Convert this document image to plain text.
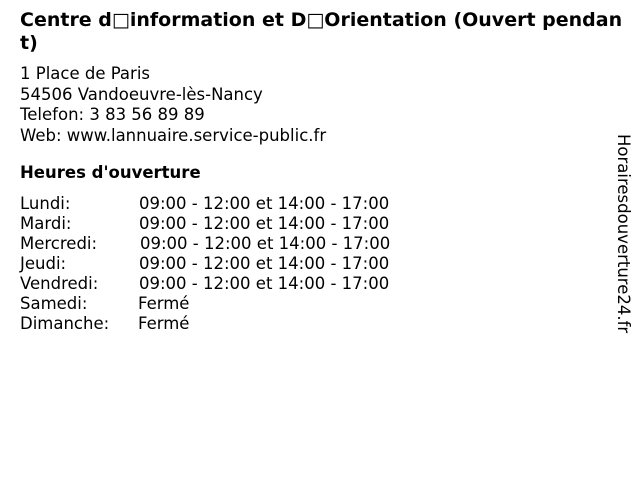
Centre d□information et D□Orientation (Ouvert pendant)
1 Place de Paris
54506 Vandoeuvre-lès-Nancy
Telefon: 3 83 56 89 89
Web: www.lannuaire.service-public.fr
Heures d'ouverture
Lundi:	09:00 - 12:00 et 14:00 - 17:00
Mardi:	09:00 - 12:00 et 14:00 - 17:00
Mercredi:	09:00 - 12:00 et 14:00 - 17:00
Jeudi:	09:00 - 12:00 et 14:00 - 17:00
Vendredi: 09:00 - 12:00 et 14:00 - 17:00
Samedi:	Fermé
Dimanche: Fermé	Horairesdouverture24.fr
